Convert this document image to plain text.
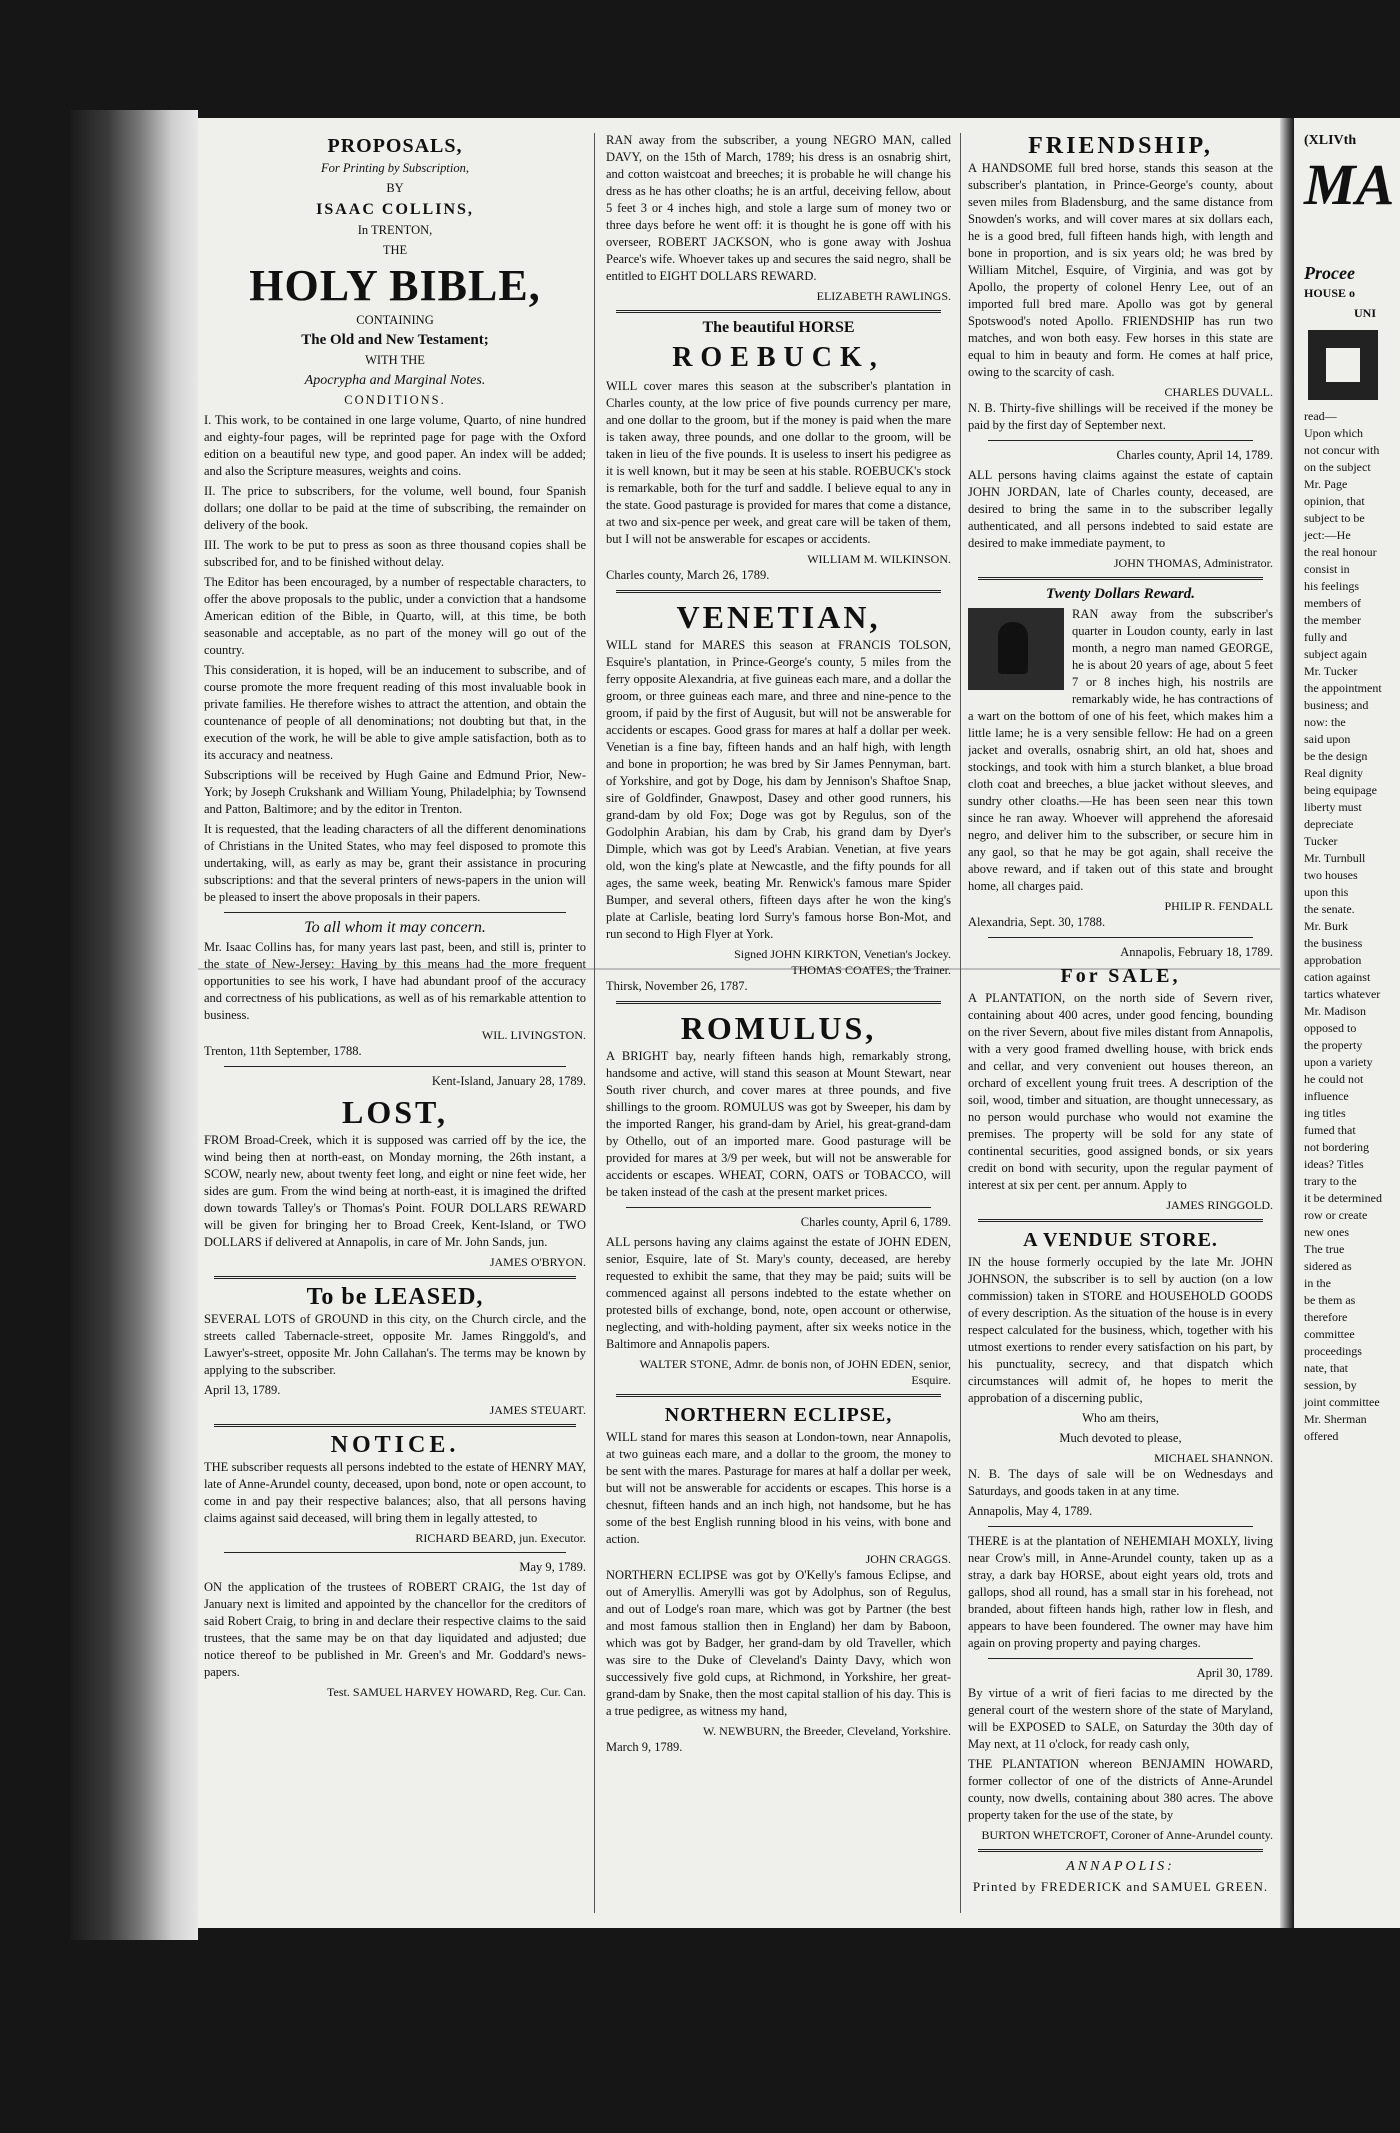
PROPOSALS,

For Printing by Subscription,

BY

ISAAC COLLINS,

In TRENTON,

THE

HOLY BIBLE,

CONTAINING

The Old and New Testament;

WITH THE

Apocrypha and Marginal Notes.

CONDITIONS.

I. This work, to be contained in one large volume, Quarto, of nine hundred and eighty-four pages, will be reprinted page for page with the Oxford edition on a beautiful new type, and good paper. An index will be added; and also the Scripture measures, weights and coins.

II. The price to subscribers, for the volume, well bound, four Spanish dollars; one dollar to be paid at the time of subscribing, the remainder on delivery of the book.

III. The work to be put to press as soon as three thousand copies shall be subscribed for, and to be finished without delay.

The Editor has been encouraged, by a number of respectable characters, to offer the above proposals to the public, under a conviction that a handsome American edition of the Bible, in Quarto, will, at this time, be both seasonable and acceptable, as no part of the money will go out of the country.

This consideration, it is hoped, will be an inducement to subscribe, and of course promote the more frequent reading of this most invaluable book in private families. He therefore wishes to attract the attention, and obtain the countenance of people of all denominations; not doubting but that, in the execution of the work, he will be able to give ample satisfaction, both as to its accuracy and neatness.

Subscriptions will be received by Hugh Gaine and Edmund Prior, New-York; by Joseph Crukshank and William Young, Philadelphia; by Townsend and Patton, Baltimore; and by the editor in Trenton.

It is requested, that the leading characters of all the different denominations of Christians in the United States, who may feel disposed to promote this undertaking, will, as early as may be, grant their assistance in procuring subscriptions: and that the several printers of news-papers in the union will be pleased to insert the above proposals in their papers.

To all whom it may concern.

Mr. Isaac Collins has, for many years last past, been, and still is, printer to the state of New-Jersey: Having by this means had the more frequent opportunities to see his work, I have had abundant proof of the accuracy and correctness of his publications, as well as of his remarkable attention to business.

WIL. LIVINGSTON.

Trenton, 11th September, 1788.

Kent-Island, January 28, 1789.

LOST,

FROM Broad-Creek, which it is supposed was carried off by the ice, the wind being then at north-east, on Monday morning, the 26th instant, a SCOW, nearly new, about twenty feet long, and eight or nine feet wide, her sides are gum. From the wind being at north-east, it is imagined the drifted down towards Talley's or Thomas's Point. FOUR DOLLARS REWARD will be given for bringing her to Broad Creek, Kent-Island, or TWO DOLLARS if delivered at Annapolis, in care of Mr. John Sands, jun.

JAMES O'BRYON.

To be LEASED,

SEVERAL LOTS of GROUND in this city, on the Church circle, and the streets called Tabernacle-street, opposite Mr. James Ringgold's, and Lawyer's-street, opposite Mr. John Callahan's. The terms may be known by applying to the subscriber.

April 13, 1789.

JAMES STEUART.

NOTICE.

THE subscriber requests all persons indebted to the estate of HENRY MAY, late of Anne-Arundel county, deceased, upon bond, note or open account, to come in and pay their respective balances; also, that all persons having claims against said deceased, will bring them in legally attested, to

RICHARD BEARD, jun. Executor.

May 9, 1789.

ON the application of the trustees of ROBERT CRAIG, the 1st day of January next is limited and appointed by the chancellor for the creditors of said Robert Craig, to bring in and declare their respective claims to the said trustees, that the same may be on that day liquidated and adjusted; due notice thereof to be published in Mr. Green's and Mr. Goddard's news-papers.

Test. SAMUEL HARVEY HOWARD, Reg. Cur. Can.

RAN away from the subscriber, a young NEGRO MAN, called DAVY, on the 15th of March, 1789; his dress is an osnabrig shirt, and cotton waistcoat and breeches; it is probable he will change his dress as he has other cloaths; he is an artful, deceiving fellow, about 5 feet 3 or 4 inches high, and stole a large sum of money two or three days before he went off: it is thought he is gone off with his overseer, ROBERT JACKSON, who is gone away with Joshua Pearce's wife. Whoever takes up and secures the said negro, shall be entitled to EIGHT DOLLARS REWARD.

ELIZABETH RAWLINGS.

The beautiful HORSE

ROEBUCK,

WILL cover mares this season at the subscriber's plantation in Charles county, at the low price of five pounds currency per mare, and one dollar to the groom, but if the money is paid when the mare is taken away, three pounds, and one dollar to the groom, will be taken in lieu of the five pounds. It is useless to insert his pedigree as it is well known, but it may be seen at his stable. ROEBUCK's stock is remarkable, both for the turf and saddle. I believe equal to any in the state. Good pasturage is provided for mares that come a distance, at two and six-pence per week, and great care will be taken of them, but I will not be answerable for escapes or accidents.

WILLIAM M. WILKINSON.

Charles county, March 26, 1789.

VENETIAN,

WILL stand for MARES this season at FRANCIS TOLSON, Esquire's plantation, in Prince-George's county, 5 miles from the ferry opposite Alexandria, at five guineas each mare, and a dollar the groom, or three guineas each mare, and three and nine-pence to the groom, if paid by the first of Augusit, but will not be answerable for accidents or escapes. Good grass for mares at half a dollar per week. Venetian is a fine bay, fifteen hands and an half high, with length and bone in proportion; he was bred by Sir James Pennyman, bart. of Yorkshire, and got by Doge, his dam by Jennison's Shaftoe Snap, sire of Goldfinder, Gnawpost, Dasey and other good runners, his grand-dam by old Fox; Doge was got by Regulus, son of the Godolphin Arabian, his dam by Crab, his grand dam by Dyer's Dimple, which was got by Leed's Arabian. Venetian, at five years old, won the king's plate at Newcastle, and the fifty pounds for all ages, the same week, beating Mr. Renwick's famous mare Spider Bumper, and several others, fifteen days after he won the king's plate at Carlisle, beating lord Surry's famous horse Bon-Mot, and run second to High Flyer at York.

Signed JOHN KIRKTON, Venetian's Jockey.

THOMAS COATES, the Trainer.

Thirsk, November 26, 1787.

ROMULUS,

A BRIGHT bay, nearly fifteen hands high, remarkably strong, handsome and active, will stand this season at Mount Stewart, near South river church, and cover mares at three pounds, and five shillings to the groom. ROMULUS was got by Sweeper, his dam by the imported Ranger, his grand-dam by Ariel, his great-grand-dam by Othello, out of an imported mare. Good pasturage will be provided for mares at 3/9 per week, but will not be answerable for accidents or escapes. WHEAT, CORN, OATS or TOBACCO, will be taken instead of the cash at the present market prices.

Charles county, April 6, 1789.

ALL persons having any claims against the estate of JOHN EDEN, senior, Esquire, late of St. Mary's county, deceased, are hereby requested to exhibit the same, that they may be paid; suits will be commenced against all persons indebted to the estate whether on protested bills of exchange, bond, note, open account or otherwise, neglecting, and with-holding payment, after six weeks notice in the Baltimore and Annapolis papers.

WALTER STONE, Admr. de bonis non, of JOHN EDEN, senior, Esquire.

NORTHERN ECLIPSE,

WILL stand for mares this season at London-town, near Annapolis, at two guineas each mare, and a dollar to the groom, the money to be sent with the mares. Pasturage for mares at half a dollar per week, but will not be answerable for accidents or escapes. This horse is a chesnut, fifteen hands and an inch high, not handsome, but he has some of the best English running blood in his veins, with bone and action.

JOHN CRAGGS.

NORTHERN ECLIPSE was got by O'Kelly's famous Eclipse, and out of Ameryllis. Amerylli was got by Adolphus, son of Regulus, and out of Lodge's roan mare, which was got by Partner (the best and most famous stallion then in England) her dam by Baboon, which was got by Badger, her grand-dam by old Traveller, which was sire to the Duke of Cleveland's Dainty Davy, which won successively five gold cups, at Richmond, in Yorkshire, her great-grand-dam by Snake, then the most capital stallion of his day. This is a true pedigree, as witness my hand,

W. NEWBURN, the Breeder, Cleveland, Yorkshire.

March 9, 1789.

FRIENDSHIP,

A HANDSOME full bred horse, stands this season at the subscriber's plantation, in Prince-George's county, about seven miles from Bladensburg, and the same distance from Snowden's works, and will cover mares at six dollars each, he is a good bred, full fifteen hands high, with length and bone in proportion, and is six years old; he was bred by William Mitchel, Esquire, of Virginia, and was got by Apollo, the property of colonel Henry Lee, out of an imported full bred mare. Apollo was got by general Spotswood's noted Apollo. FRIENDSHIP has run two matches, and won both easy. Few horses in this state are equal to him in beauty and form. He comes at half price, owing to the scarcity of cash.

CHARLES DUVALL.

N. B. Thirty-five shillings will be received if the money be paid by the first day of September next.

Charles county, April 14, 1789.

ALL persons having claims against the estate of captain JOHN JORDAN, late of Charles county, deceased, are desired to bring the same in to the subscriber legally authenticated, and all persons indebted to said estate are desired to make immediate payment, to

JOHN THOMAS, Administrator.

Twenty Dollars Reward.

RAN away from the subscriber's quarter in Loudon county, early in last month, a negro man named GEORGE, he is about 20 years of age, about 5 feet 7 or 8 inches high, his nostrils are remarkably wide, he has contractions of a wart on the bottom of one of his feet, which makes him a little lame; he is a very sensible fellow: He had on a green jacket and overalls, osnabrig shirt, an old hat, shoes and stockings, and took with him a sturch blanket, a blue broad cloth coat and breeches, a blue jacket without sleeves, and sundry other cloaths.—He has been seen near this town since he ran away. Whoever will apprehend the aforesaid negro, and deliver him to the subscriber, or secure him in any gaol, so that he may be got again, shall receive the above reward, and if taken out of this state and brought home, all charges paid.

PHILIP R. FENDALL

Alexandria, Sept. 30, 1788.

Annapolis, February 18, 1789.

For SALE,

A PLANTATION, on the north side of Severn river, containing about 400 acres, under good fencing, bounding on the river Severn, about five miles distant from Annapolis, with a very good framed dwelling house, with brick ends and cellar, and very convenient out houses thereon, an orchard of excellent young fruit trees. A description of the soil, wood, timber and situation, are thought unnecessary, as no person would purchase who would not examine the premises. The property will be sold for any state of continental securities, good assigned bonds, or six years credit on bond with security, upon the regular payment of interest at six per cent. per annum. Apply to

JAMES RINGGOLD.

A VENDUE STORE.

IN the house formerly occupied by the late Mr. JOHN JOHNSON, the subscriber is to sell by auction (on a low commission) taken in STORE and HOUSEHOLD GOODS of every description. As the situation of the house is in every respect calculated for the business, which, together with his utmost exertions to render every satisfaction on his part, by his punctuality, secrecy, and that dispatch which circumstances will admit of, he hopes to merit the approbation of a discerning public,

Who am theirs,

Much devoted to please,

MICHAEL SHANNON.

N. B. The days of sale will be on Wednesdays and Saturdays, and goods taken in at any time.

Annapolis, May 4, 1789.

THERE is at the plantation of NEHEMIAH MOXLY, living near Crow's mill, in Anne-Arundel county, taken up as a stray, a dark bay HORSE, about eight years old, trots and gallops, shod all round, has a small star in his forehead, not branded, about fifteen hands high, rather low in flesh, and appears to have been foundered. The owner may have him again on proving property and paying charges.

April 30, 1789.

By virtue of a writ of fieri facias to me directed by the general court of the western shore of the state of Maryland, will be EXPOSED to SALE, on Saturday the 30th day of May next, at 11 o'clock, for ready cash only,

THE PLANTATION whereon BENJAMIN HOWARD, former collector of one of the districts of Anne-Arundel county, now dwells, containing about 380 acres. The above property taken for the use of the state, by

BURTON WHETCROFT, Coroner of Anne-Arundel county.

ANNAPOLIS:

Printed by FREDERICK and SAMUEL GREEN.

(XLIVth

MA

Procee

HOUSE o

UNI

read—
Upon which
not concur with
on the subject
Mr. Page
opinion, that
subject to be
ject:—He
the real honour
consist in
his feelings
members of
the member
fully and
subject again
Mr. Tucker
the appointment
business; and
now: the
said upon
be the design
Real dignity
being equipage
liberty must
depreciate
Tucker
Mr. Turnbull
two houses
upon this
the senate.
Mr. Burk
the business
approbation
cation against
tartics whatever
Mr. Madison
opposed to
the property
upon a variety
he could not
influence
ing titles
fumed that
not bordering
ideas? Titles
trary to the
it be determined
row or create
new ones
The true
sidered as
in the
be them as
therefore
committee
proceedings
nate, that
session, by
joint committee
Mr. Sherman
offered
